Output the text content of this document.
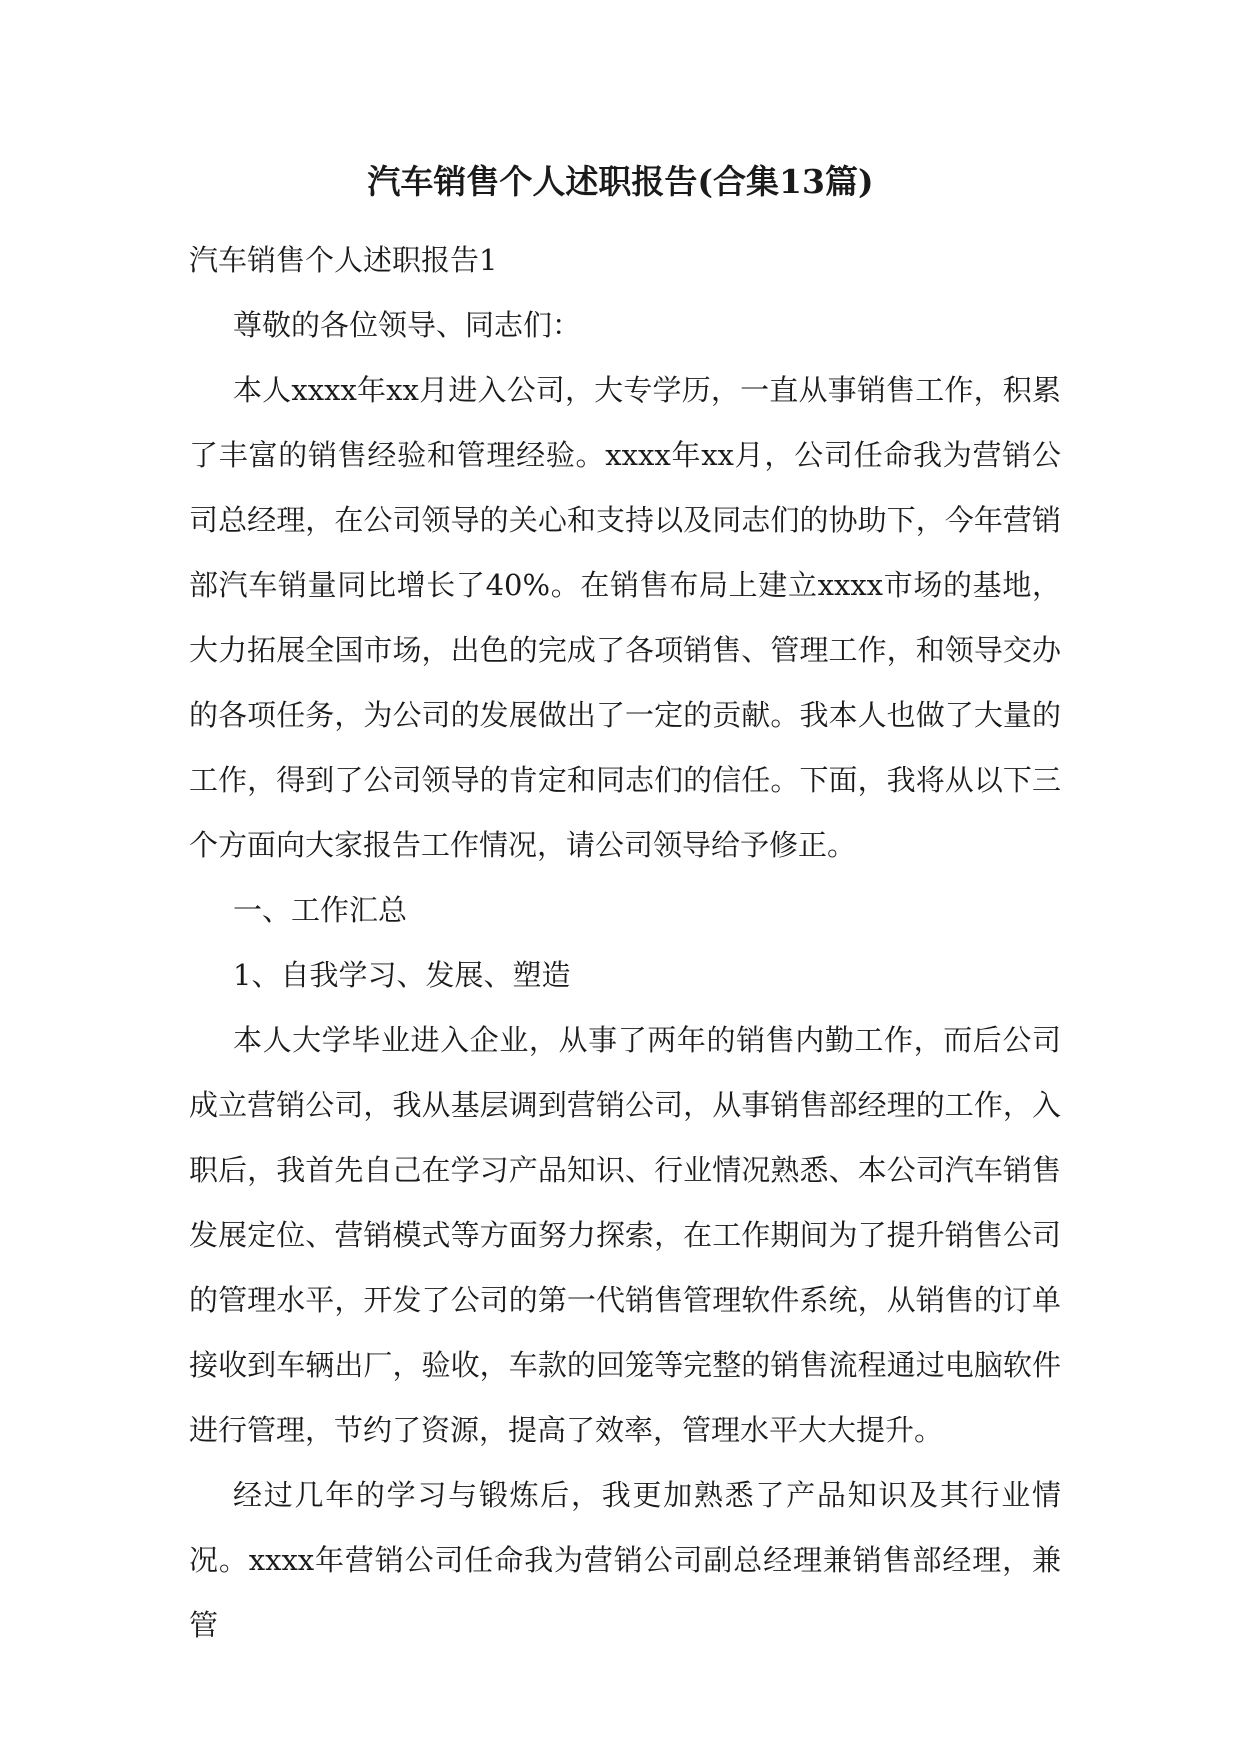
汽车销售个人述职报告(合集13篇)

汽车销售个人述职报告1

尊敬的各位领导、同志们：

本人xxxx年xx月进入公司，大专学历，一直从事销售工作，积累了丰富的销售经验和管理经验。xxxx年xx月，公司任命我为营销公司总经理，在公司领导的关心和支持以及同志们的协助下，今年营销部汽车销量同比增长了40%。在销售布局上建立xxxx市场的基地，大力拓展全国市场，出色的完成了各项销售、管理工作，和领导交办的各项任务，为公司的发展做出了一定的贡献。我本人也做了大量的工作，得到了公司领导的肯定和同志们的信任。下面，我将从以下三个方面向大家报告工作情况，请公司领导给予修正。

一、工作汇总

1、自我学习、发展、塑造

本人大学毕业进入企业，从事了两年的销售内勤工作，而后公司成立营销公司，我从基层调到营销公司，从事销售部经理的工作，入职后，我首先自己在学习产品知识、行业情况熟悉、本公司汽车销售发展定位、营销模式等方面努力探索，在工作期间为了提升销售公司的管理水平，开发了公司的第一代销售管理软件系统，从销售的订单接收到车辆出厂，验收，车款的回笼等完整的销售流程通过电脑软件进行管理，节约了资源，提高了效率，管理水平大大提升。

经过几年的学习与锻炼后，我更加熟悉了产品知识及其行业情况。xxxx年营销公司任命我为营销公司副总经理兼销售部经理，兼管
